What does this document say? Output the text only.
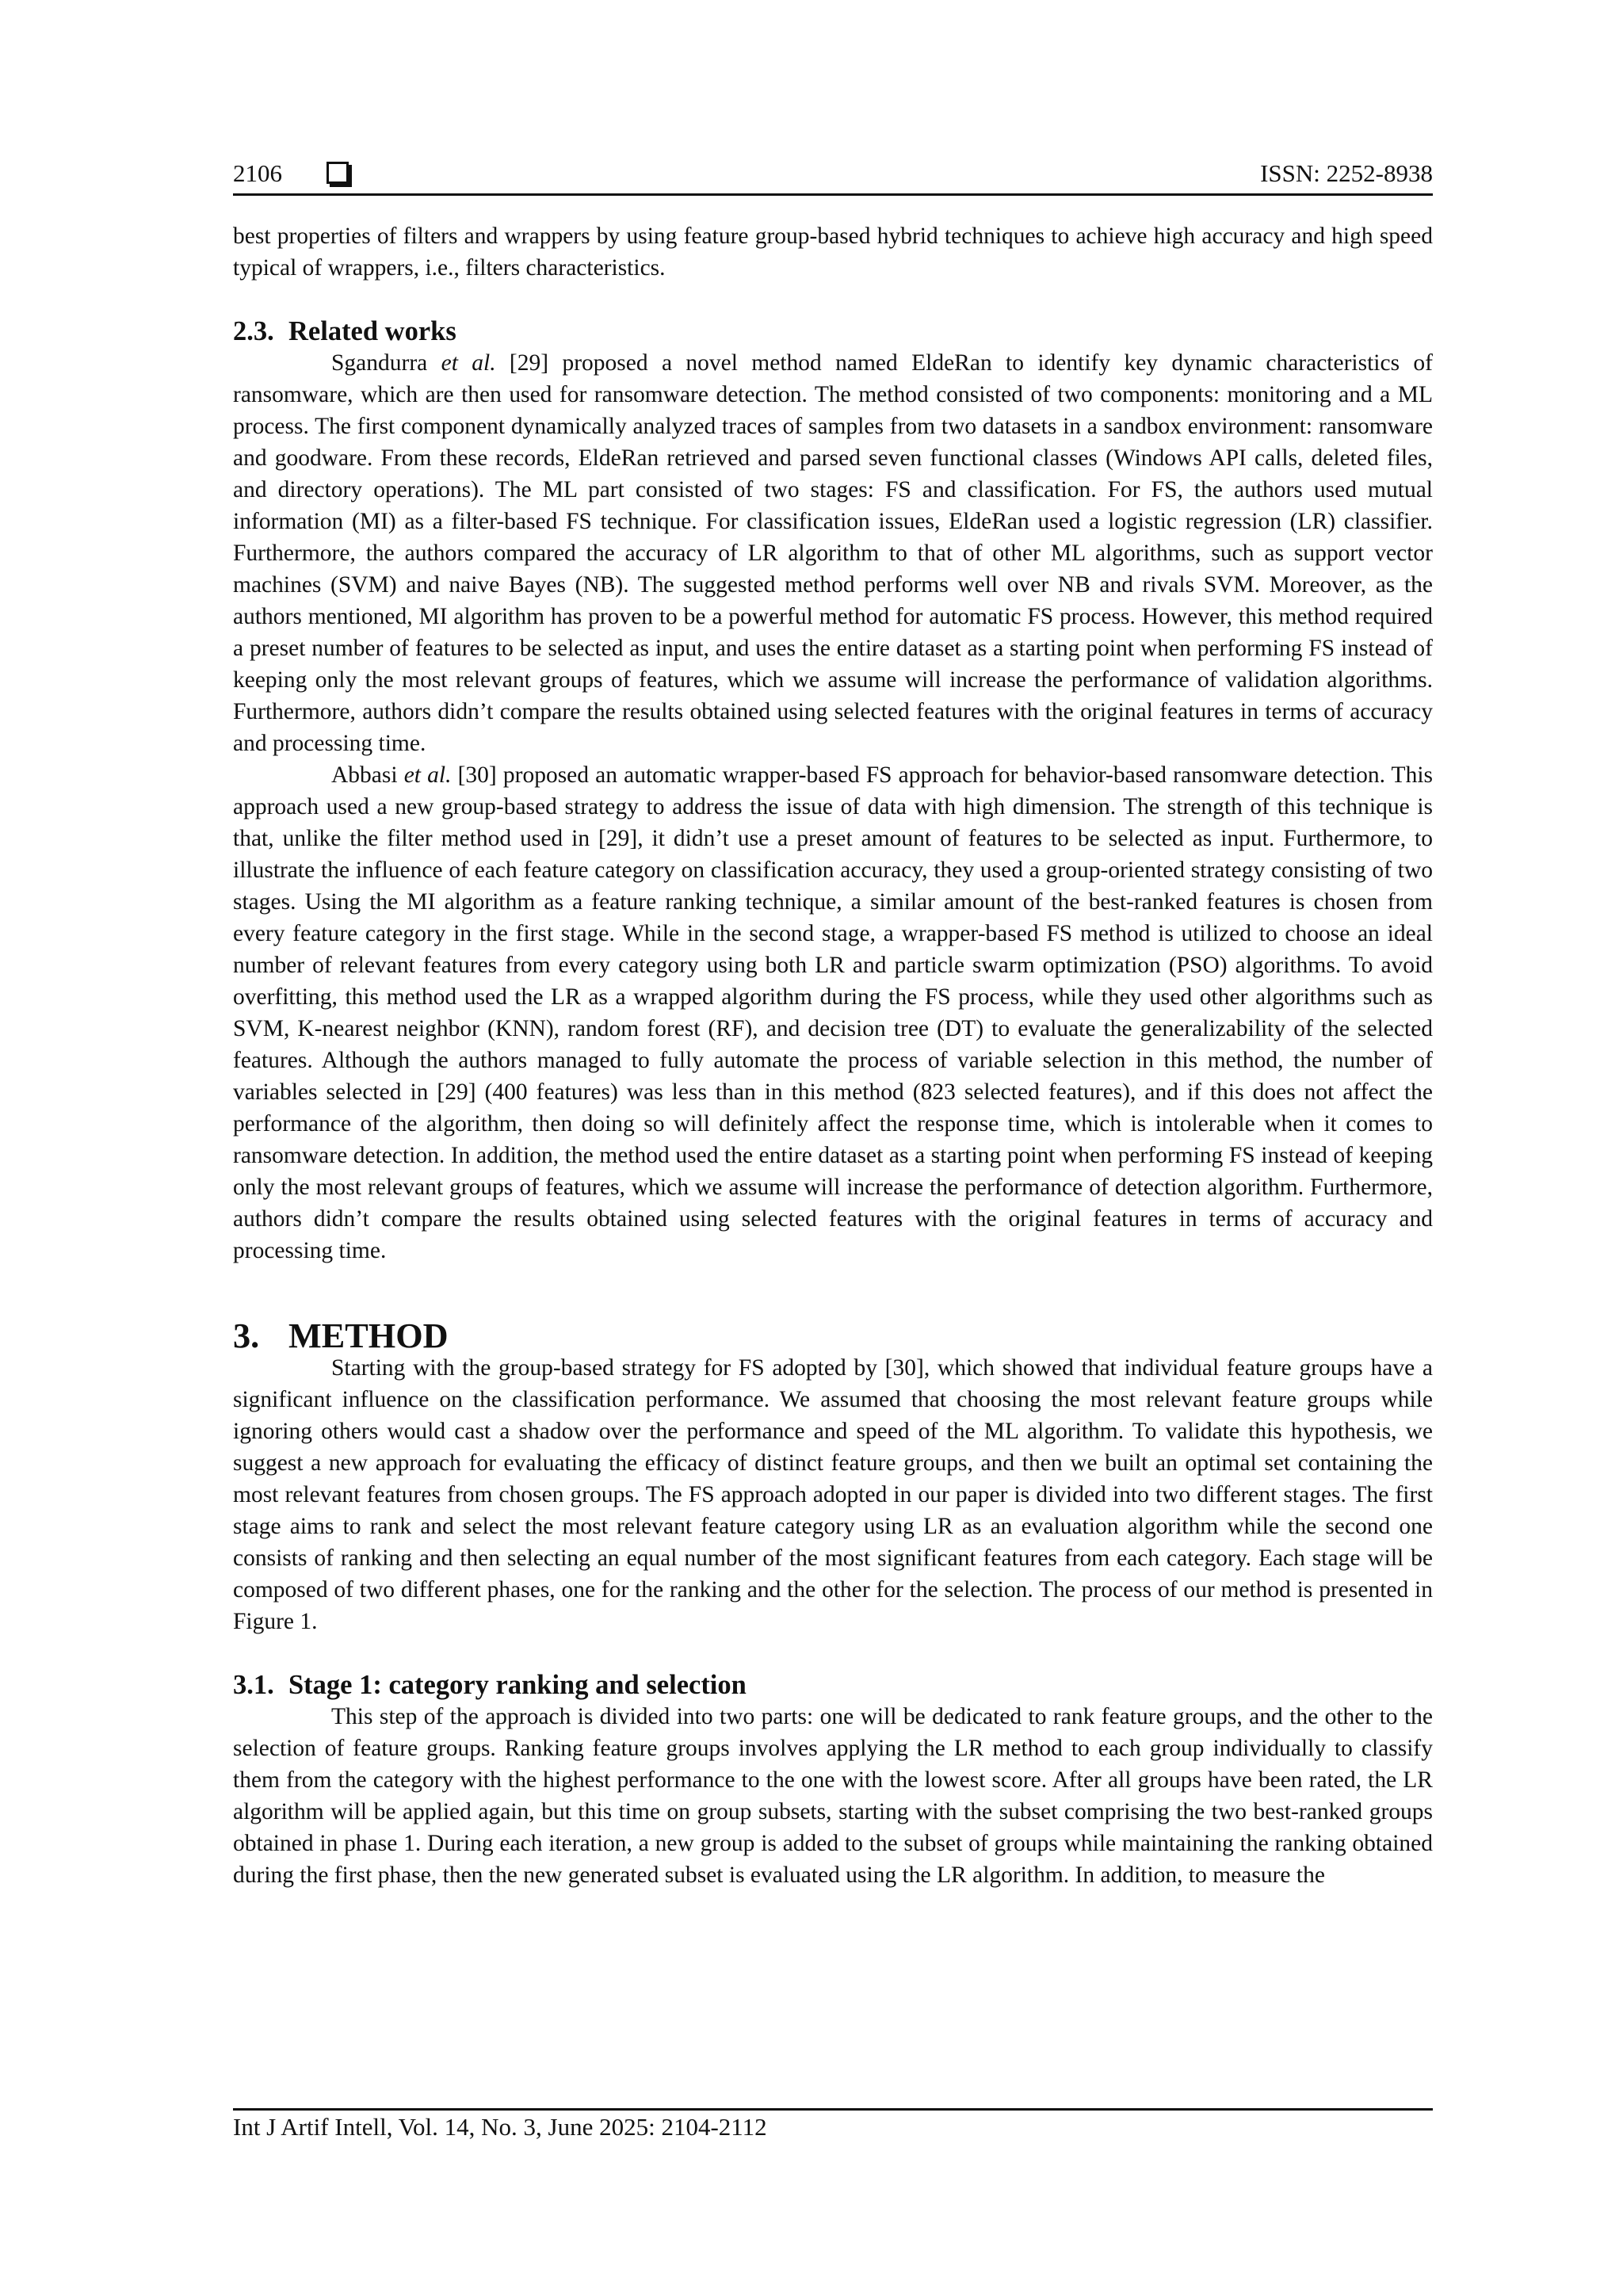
2106	ISSN: 2252-8938

best properties of filters and wrappers by using feature group-based hybrid techniques to achieve high accuracy and high speed typical of wrappers, i.e., filters characteristics.

2.3. Related works

Sgandurra et al. [29] proposed a novel method named EldeRan to identify key dynamic characteristics of ransomware, which are then used for ransomware detection. The method consisted of two components: monitoring and a ML process. The first component dynamically analyzed traces of samples from two datasets in a sandbox environment: ransomware and goodware. From these records, EldeRan retrieved and parsed seven functional classes (Windows API calls, deleted files, and directory operations). The ML part consisted of two stages: FS and classification. For FS, the authors used mutual information (MI) as a filter-based FS technique. For classification issues, EldeRan used a logistic regression (LR) classifier. Furthermore, the authors compared the accuracy of LR algorithm to that of other ML algorithms, such as support vector machines (SVM) and naive Bayes (NB). The suggested method performs well over NB and rivals SVM. Moreover, as the authors mentioned, MI algorithm has proven to be a powerful method for automatic FS process. However, this method required a preset number of features to be selected as input, and uses the entire dataset as a starting point when performing FS instead of keeping only the most relevant groups of features, which we assume will increase the performance of validation algorithms. Furthermore, authors didn’t compare the results obtained using selected features with the original features in terms of accuracy and processing time.

Abbasi et al. [30] proposed an automatic wrapper-based FS approach for behavior-based ransomware detection. This approach used a new group-based strategy to address the issue of data with high dimension. The strength of this technique is that, unlike the filter method used in [29], it didn’t use a preset amount of features to be selected as input. Furthermore, to illustrate the influence of each feature category on classification accuracy, they used a group-oriented strategy consisting of two stages. Using the MI algorithm as a feature ranking technique, a similar amount of the best-ranked features is chosen from every feature category in the first stage. While in the second stage, a wrapper-based FS method is utilized to choose an ideal number of relevant features from every category using both LR and particle swarm optimization (PSO) algorithms. To avoid overfitting, this method used the LR as a wrapped algorithm during the FS process, while they used other algorithms such as SVM, K-nearest neighbor (KNN), random forest (RF), and decision tree (DT) to evaluate the generalizability of the selected features. Although the authors managed to fully automate the process of variable selection in this method, the number of variables selected in [29] (400 features) was less than in this method (823 selected features), and if this does not affect the performance of the algorithm, then doing so will definitely affect the response time, which is intolerable when it comes to ransomware detection. In addition, the method used the entire dataset as a starting point when performing FS instead of keeping only the most relevant groups of features, which we assume will increase the performance of detection algorithm. Furthermore, authors didn’t compare the results obtained using selected features with the original features in terms of accuracy and processing time.

3. METHOD

Starting with the group-based strategy for FS adopted by [30], which showed that individual feature groups have a significant influence on the classification performance. We assumed that choosing the most relevant feature groups while ignoring others would cast a shadow over the performance and speed of the ML algorithm. To validate this hypothesis, we suggest a new approach for evaluating the efficacy of distinct feature groups, and then we built an optimal set containing the most relevant features from chosen groups. The FS approach adopted in our paper is divided into two different stages. The first stage aims to rank and select the most relevant feature category using LR as an evaluation algorithm while the second one consists of ranking and then selecting an equal number of the most significant features from each category. Each stage will be composed of two different phases, one for the ranking and the other for the selection. The process of our method is presented in Figure 1.

3.1. Stage 1: category ranking and selection

This step of the approach is divided into two parts: one will be dedicated to rank feature groups, and the other to the selection of feature groups. Ranking feature groups involves applying the LR method to each group individually to classify them from the category with the highest performance to the one with the lowest score. After all groups have been rated, the LR algorithm will be applied again, but this time on group subsets, starting with the subset comprising the two best-ranked groups obtained in phase 1. During each iteration, a new group is added to the subset of groups while maintaining the ranking obtained during the first phase, then the new generated subset is evaluated using the LR algorithm. In addition, to measure the

Int J Artif Intell, Vol. 14, No. 3, June 2025: 2104-2112
